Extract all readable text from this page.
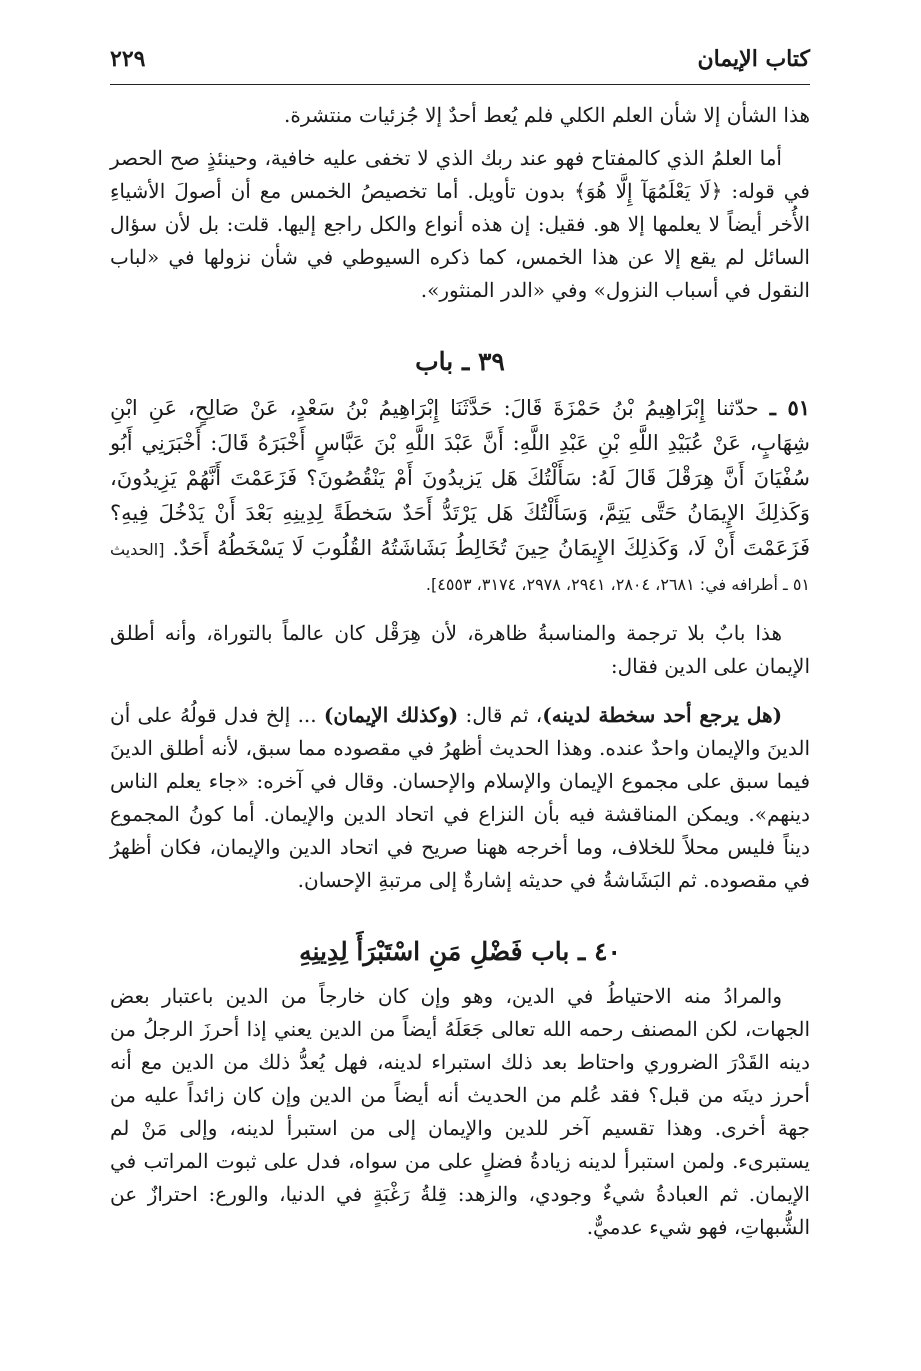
كتاب الإيمان
٢٢٩

هذا الشأن إلا شأن العلم الكلي فلم يُعط أحدٌ إلا جُزئيات منتشرة.

أما العلمُ الذي كالمفتاح فهو عند ربك الذي لا تخفى عليه خافية، وحينئذٍ صح الحصر في قوله: ﴿لَا يَعْلَمُهَآ إِلَّا هُوَ﴾ بدون تأويل. أما تخصيصُ الخمس مع أن أصولَ الأشياءِ الأُخر أيضاً لا يعلمها إلا هو. فقيل: إن هذه أنواع والكل راجع إليها. قلت: بل لأن سؤال السائل لم يقع إلا عن هذا الخمس، كما ذكره السيوطي في شأن نزولها في «لباب النقول في أسباب النزول» وفي «الدر المنثور».

٣٩ ـ باب
٥١ ـ حدّثنا إِبْرَاهِيمُ بْنُ حَمْزَةَ قَالَ: حَدَّثَنَا إِبْرَاهِيمُ بْنُ سَعْدٍ، عَنْ صَالِحٍ، عَنِ ابْنِ شِهَابٍ، عَنْ عُبَيْدِ اللَّهِ بْنِ عَبْدِ اللَّهِ: أَنَّ عَبْدَ اللَّهِ بْنَ عَبَّاسٍ أَخْبَرَهُ قَالَ: أَخْبَرَنِي أَبُو سُفْيَانَ أَنَّ هِرَقْلَ قَالَ لَهُ: سَأَلْتُكَ هَل يَزيدُونَ أَمْ يَنْقُصُونَ؟ فَزَعَمْتَ أَنَّهُمْ يَزِيدُونَ، وَكَذلِكَ الإِيمَانُ حَتَّى يَتِمَّ، وَسَأَلْتُكَ هَل يَرْتَدُّ أَحَدٌ سَخطَةً لِدِينِهِ بَعْدَ أَنْ يَدْخُلَ فِيهِ؟ فَزَعَمْتَ أَنْ لَا، وَكَذلِكَ الإِيمَانُ حِينَ تُخَالِطُ بَشَاشَتُهُ القُلُوبَ لَا يَسْخَطُهُ أَحَدٌ. [الحديث ٥١ ـ أطرافه في: ٢٦٨١، ٢٨٠٤، ٢٩٤١، ٢٩٧٨، ٣١٧٤، ٤٥٥٣].

هذا بابٌ بلا ترجمة والمناسبةُ ظاهرة، لأن هِرَقْل كان عالماً بالتوراة، وأنه أطلق الإيمان على الدين فقال:

(هل يرجع أحد سخطة لدينه)، ثم قال: (وكذلك الإيمان) ... إلخ فدل قولُهُ على أن الدينَ والإيمان واحدٌ عنده. وهذا الحديث أظهرُ في مقصوده مما سبق، لأنه أطلق الدينَ فيما سبق على مجموع الإيمان والإسلام والإحسان. وقال في آخره: «جاء يعلم الناس دينهم». ويمكن المناقشة فيه بأن النزاع في اتحاد الدين والإيمان. أما كونُ المجموع ديناً فليس محلاً للخلاف، وما أخرجه ههنا صريح في اتحاد الدين والإيمان، فكان أظهرُ في مقصوده. ثم البَشَاشةُ في حديثه إشارةٌ إلى مرتبةِ الإحسان.

٤٠ ـ باب فَضْلِ مَنِ اسْتَبْرَأَ لِدِينِهِ

والمرادُ منه الاحتياطُ في الدين، وهو وإن كان خارجاً من الدين باعتبار بعض الجهات، لكن المصنف رحمه الله تعالى جَعَلَهُ أيضاً من الدين يعني إذا أحرزَ الرجلُ من دينه القَدْرَ الضروري واحتاط بعد ذلك استبراء لدينه، فهل يُعدُّ ذلك من الدين مع أنه أحرز دينَه من قبل؟ فقد عُلم من الحديث أنه أيضاً من الدين وإن كان زائداً عليه من جهة أخرى. وهذا تقسيم آخر للدين والإيمان إلى من استبرأ لدينه، وإلى مَنْ لم يستبرىء. ولمن استبرأ لدينه زيادةُ فضلٍ على من سواه، فدل على ثبوت المراتب في الإيمان. ثم العبادةُ شيءٌ وجودي، والزهد: قِلةُ رَغْبَةٍ في الدنيا، والورع: احترازٌ عن الشُّبهاتِ، فهو شيء عدميٌّ.
